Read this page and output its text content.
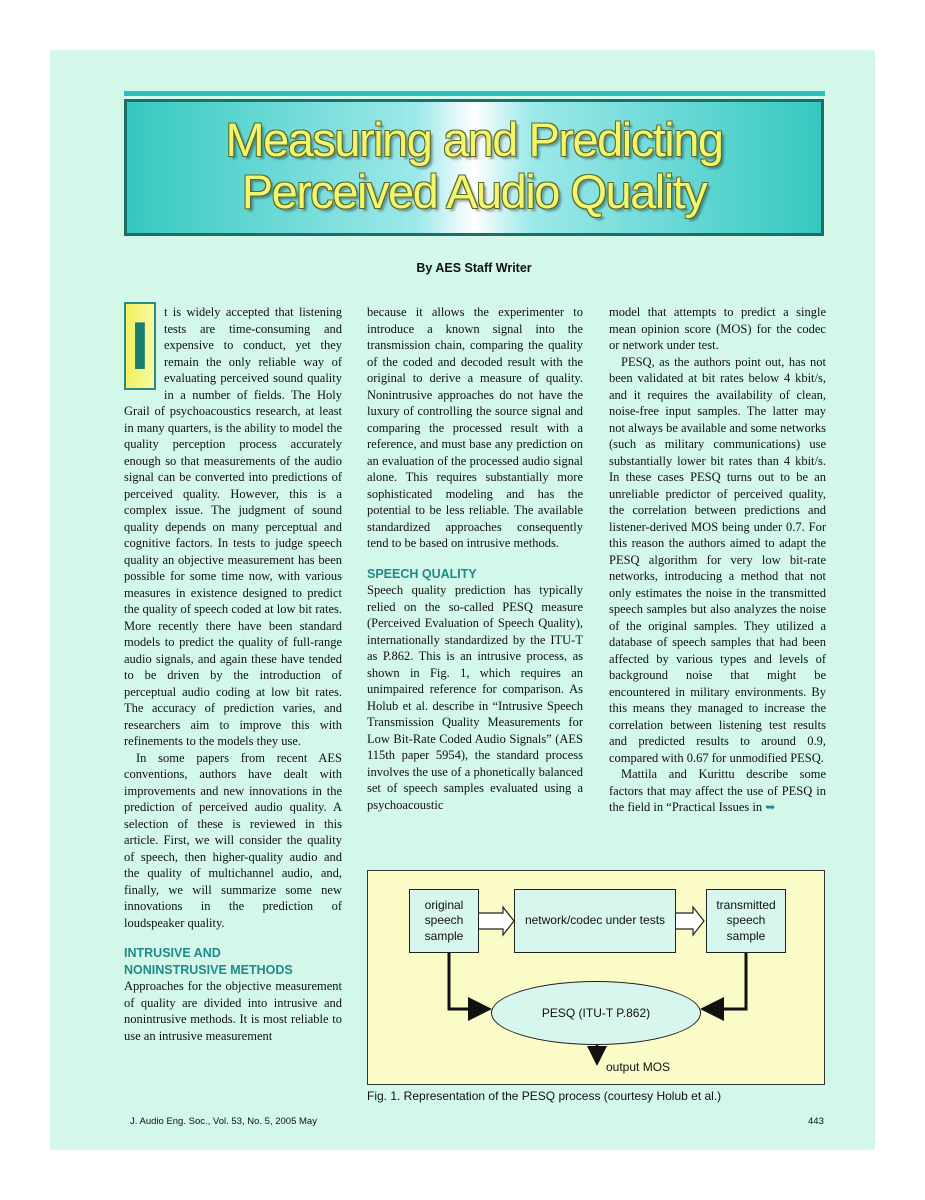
Measuring and Predicting
Perceived Audio Quality
By AES Staff Writer

I	t is widely accepted that listening tests are time-consuming and expensive to conduct, yet they remain the only reliable way of evaluating perceived sound quality in a number of fields. The Holy Grail of psychoacoustics research, at least in many quarters, is the ability to model the quality perception process accurately enough so that measurements of the audio signal can be converted into predictions of perceived quality. However, this is a complex issue. The judgment of sound quality depends on many perceptual and cognitive factors. In tests to judge speech quality an objective measurement has been possible for some time now, with various measures in existence designed to predict the quality of speech coded at low bit rates. More recently there have been standard models to predict the quality of full-range audio signals, and again these have tended to be driven by the introduction of perceptual audio coding at low bit rates. The accuracy of prediction varies, and researchers aim to improve this with refinements to the models they use.

In some papers from recent AES conventions, authors have dealt with improvements and new innovations in the prediction of perceived audio quality. A selection of these is reviewed in this article. First, we will consider the quality of speech, then higher-quality audio and the quality of multichannel audio, and, finally, we will summarize some new innovations in the prediction of loudspeaker quality.

INTRUSIVE AND
NONINSTRUSIVE METHODS

Approaches for the objective measurement of quality are divided into intrusive and nonintrusive methods. It is most reliable to use an intrusive measurement

because it allows the experimenter to introduce a known signal into the transmission chain, comparing the quality of the coded and decoded result with the original to derive a measure of quality. Nonintrusive approaches do not have the luxury of controlling the source signal and comparing the processed result with a reference, and must base any prediction on an evaluation of the processed audio signal alone. This requires substantially more sophisticated modeling and has the potential to be less reliable. The available standardized approaches consequently tend to be based on intrusive methods.

SPEECH QUALITY

Speech quality prediction has typically relied on the so-called PESQ measure (Perceived Evaluation of Speech Quality), internationally standardized by the ITU-T as P.862. This is an intrusive process, as shown in Fig. 1, which requires an unimpaired reference for comparison. As Holub et al. describe in “Intrusive Speech Transmission Quality Measurements for Low Bit-Rate Coded Audio Signals” (AES 115th paper 5954), the standard process involves the use of a phonetically balanced set of speech samples evaluated using a psychoacoustic

model that attempts to predict a single mean opinion score (MOS) for the codec or network under test.

PESQ, as the authors point out, has not been validated at bit rates below 4 kbit/s, and it requires the availability of clean, noise-free input samples. The latter may not always be available and some networks (such as military communications) use substantially lower bit rates than 4 kbit/s. In these cases PESQ turns out to be an unreliable predictor of perceived quality, the correlation between predictions and listener-derived MOS being under 0.7. For this reason the authors aimed to adapt the PESQ algorithm for very low bit-rate networks, introducing a method that not only estimates the noise in the transmitted speech samples but also analyzes the noise of the original samples. They utilized a database of speech samples that had been affected by various types and levels of background noise that might be encountered in military environments. By this means they managed to increase the correlation between listening test results and predicted results to around 0.9, compared with 0.67 for unmodified PESQ.

Mattila and Kurittu describe some factors that may affect the use of PESQ in the field in “Practical Issues in ➥

original speech sample
network/codec under tests
transmitted speech sample
PESQ (ITU-T P.862)
output MOS
Fig. 1. Representation of the PESQ process (courtesy Holub et al.)
J. Audio Eng. Soc., Vol. 53, No. 5, 2005 May	443
